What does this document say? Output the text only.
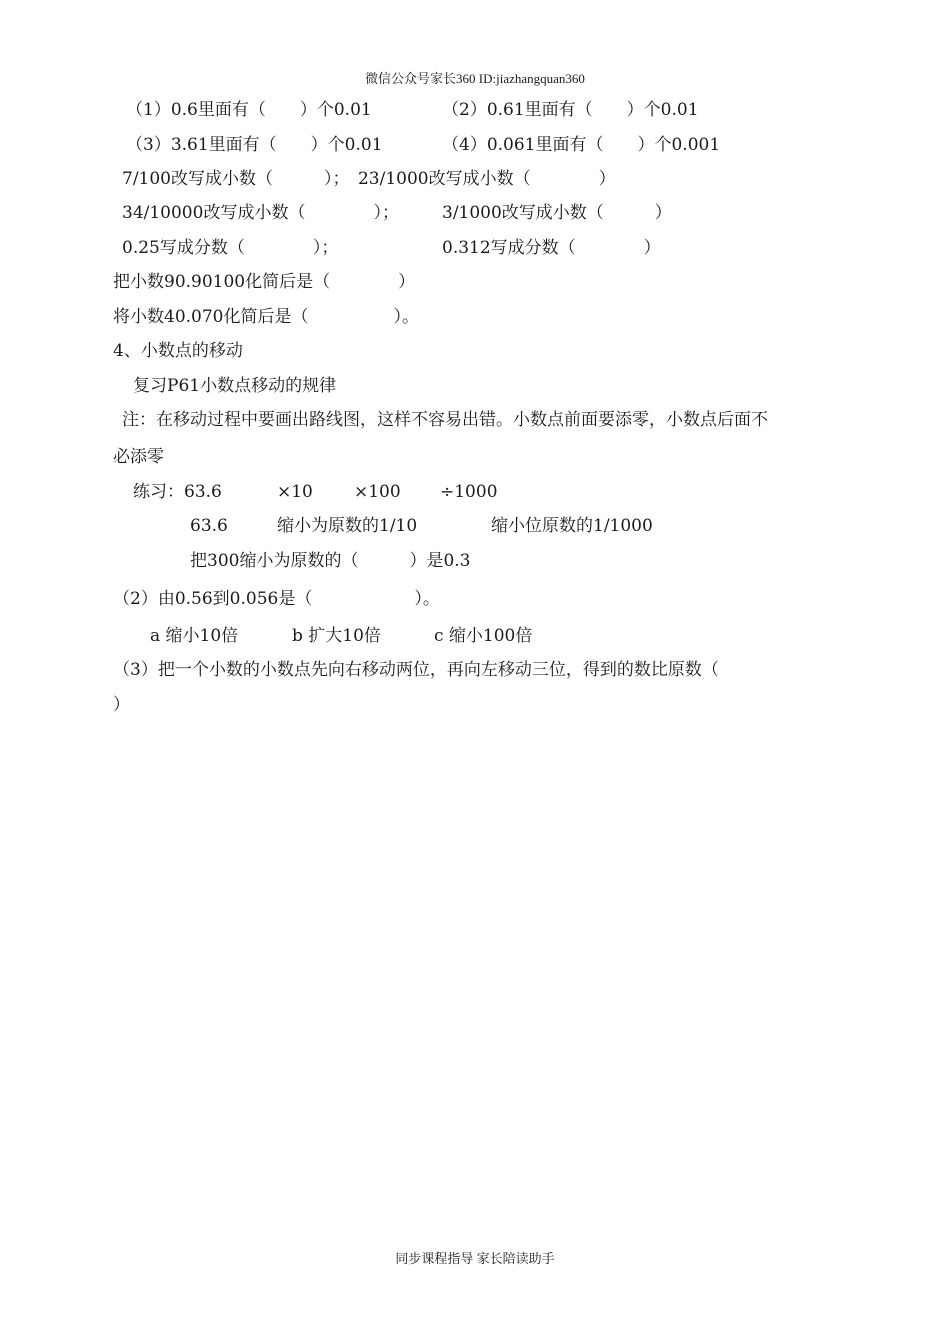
微信公众号家长360 ID:jiazhangquan360
（1）0.6里面有（　　）个0.01	（2）0.61里面有（　　）个0.01
（3）3.61里面有（　　）个0.01	（4）0.061里面有（　　）个0.001
7/100改写成小数（　　　）；　23/1000改写成小数（　　　　）
34/10000改写成小数（　　　　）；	3/1000改写成小数（　　　）
0.25写成分数（　　　　）；	0.312写成分数（　　　　）
把小数90.90100化简后是（　　　　）
将小数40.070化简后是（　　　　　）。
4、小数点的移动
复习P61小数点移动的规律
注：在移动过程中要画出路线图，这样不容易出错。小数点前面要添零，小数点后面不
必添零
练习：63.6	×10 ×100 ÷1000
63.6	缩小为原数的1/10	缩小位原数的1/1000
把300缩小为原数的（　　　）是0.3
（2）由0.56到0.056是（　　　　　　）。
a 缩小10倍	b 扩大10倍	c 缩小100倍
（3）把一个小数的小数点先向右移动两位，再向左移动三位，得到的数比原数（
）
同步课程指导 家长陪读助手
